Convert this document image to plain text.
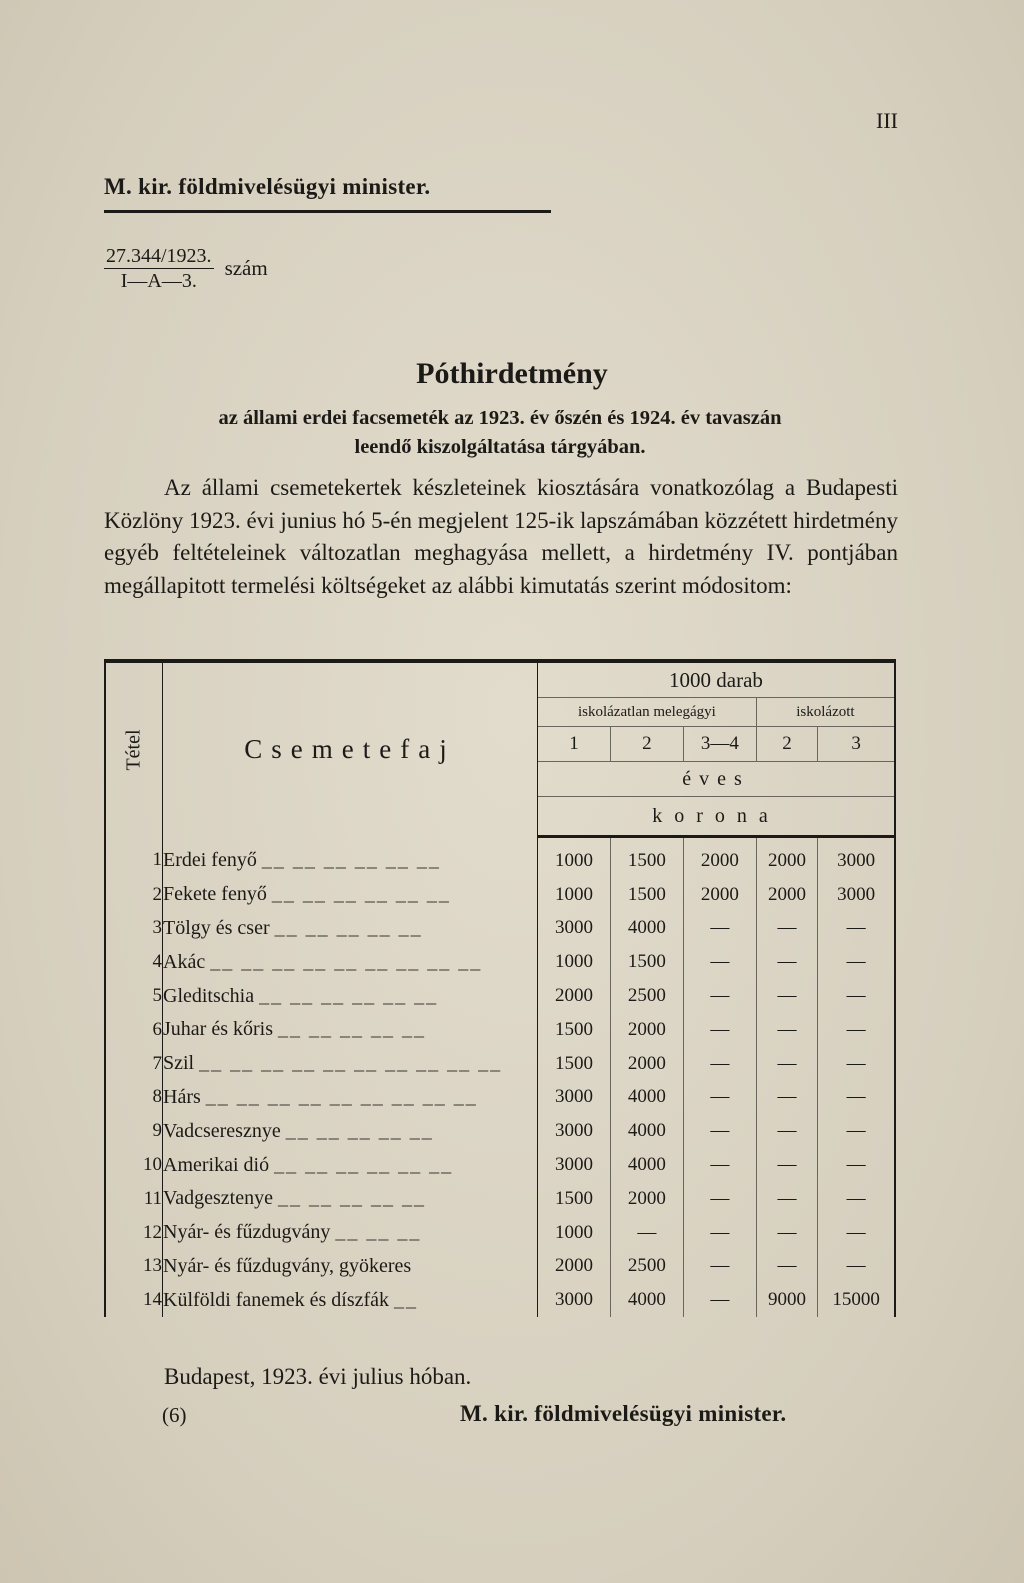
III
M. kir. földmivelésügyi minister.
$\frac{27.344/1923.}{I—A—3.}$ szám
Póthirdetmény
az állami erdei facsemeték az 1923. év őszén és 1924. év tavaszán
leendő kiszolgáltatása tárgyában.
Az állami csemetekertek készleteinek kiosztására vonatkozólag a Budapesti Közlöny 1923. évi junius hó 5-én megjelent 125-ik lapszámában közzétett hirdetmény egyéb feltételeinek változatlan meghagyása mellett, a hirdetmény IV. pontjában megállapitott termelési költségeket az alábbi kimutatás szerint módositom:
Tétel	Csemetefaj	1000 darab				
		iskolázatlan melegágyi			iskolázott	
		1	2	3—4	2	3
		éves				
		korona				
1	Erdei fenyő __ __ __ __ __ __	1000	1500	2000	2000	3000
2	Fekete fenyő __ __ __ __ __ __	1000	1500	2000	2000	3000
3	Tölgy és cser __ __ __ __ __	3000	4000	—	—	—
4	Akác __ __ __ __ __ __ __ __ __	1000	1500	—	—	—
5	Gleditschia __ __ __ __ __ __	2000	2500	—	—	—
6	Juhar és kőris __ __ __ __ __	1500	2000	—	—	—
7	Szil __ __ __ __ __ __ __ __ __ __	1500	2000	—	—	—
8	Hárs __ __ __ __ __ __ __ __ __	3000	4000	—	—	—
9	Vadcseresznye __ __ __ __ __	3000	4000	—	—	—
10	Amerikai dió __ __ __ __ __ __	3000	4000	—	—	—
11	Vadgesztenye __ __ __ __ __	1500	2000	—	—	—
12	Nyár- és fűzdugvány __ __ __	1000	—	—	—	—
13	Nyár- és fűzdugvány, gyökeres	2000	2500	—	—	—
14	Külföldi fanemek és díszfák __	3000	4000	—	9000	15000
Budapest, 1923. évi julius hóban.
(6)	M. kir. földmivelésügyi minister.
